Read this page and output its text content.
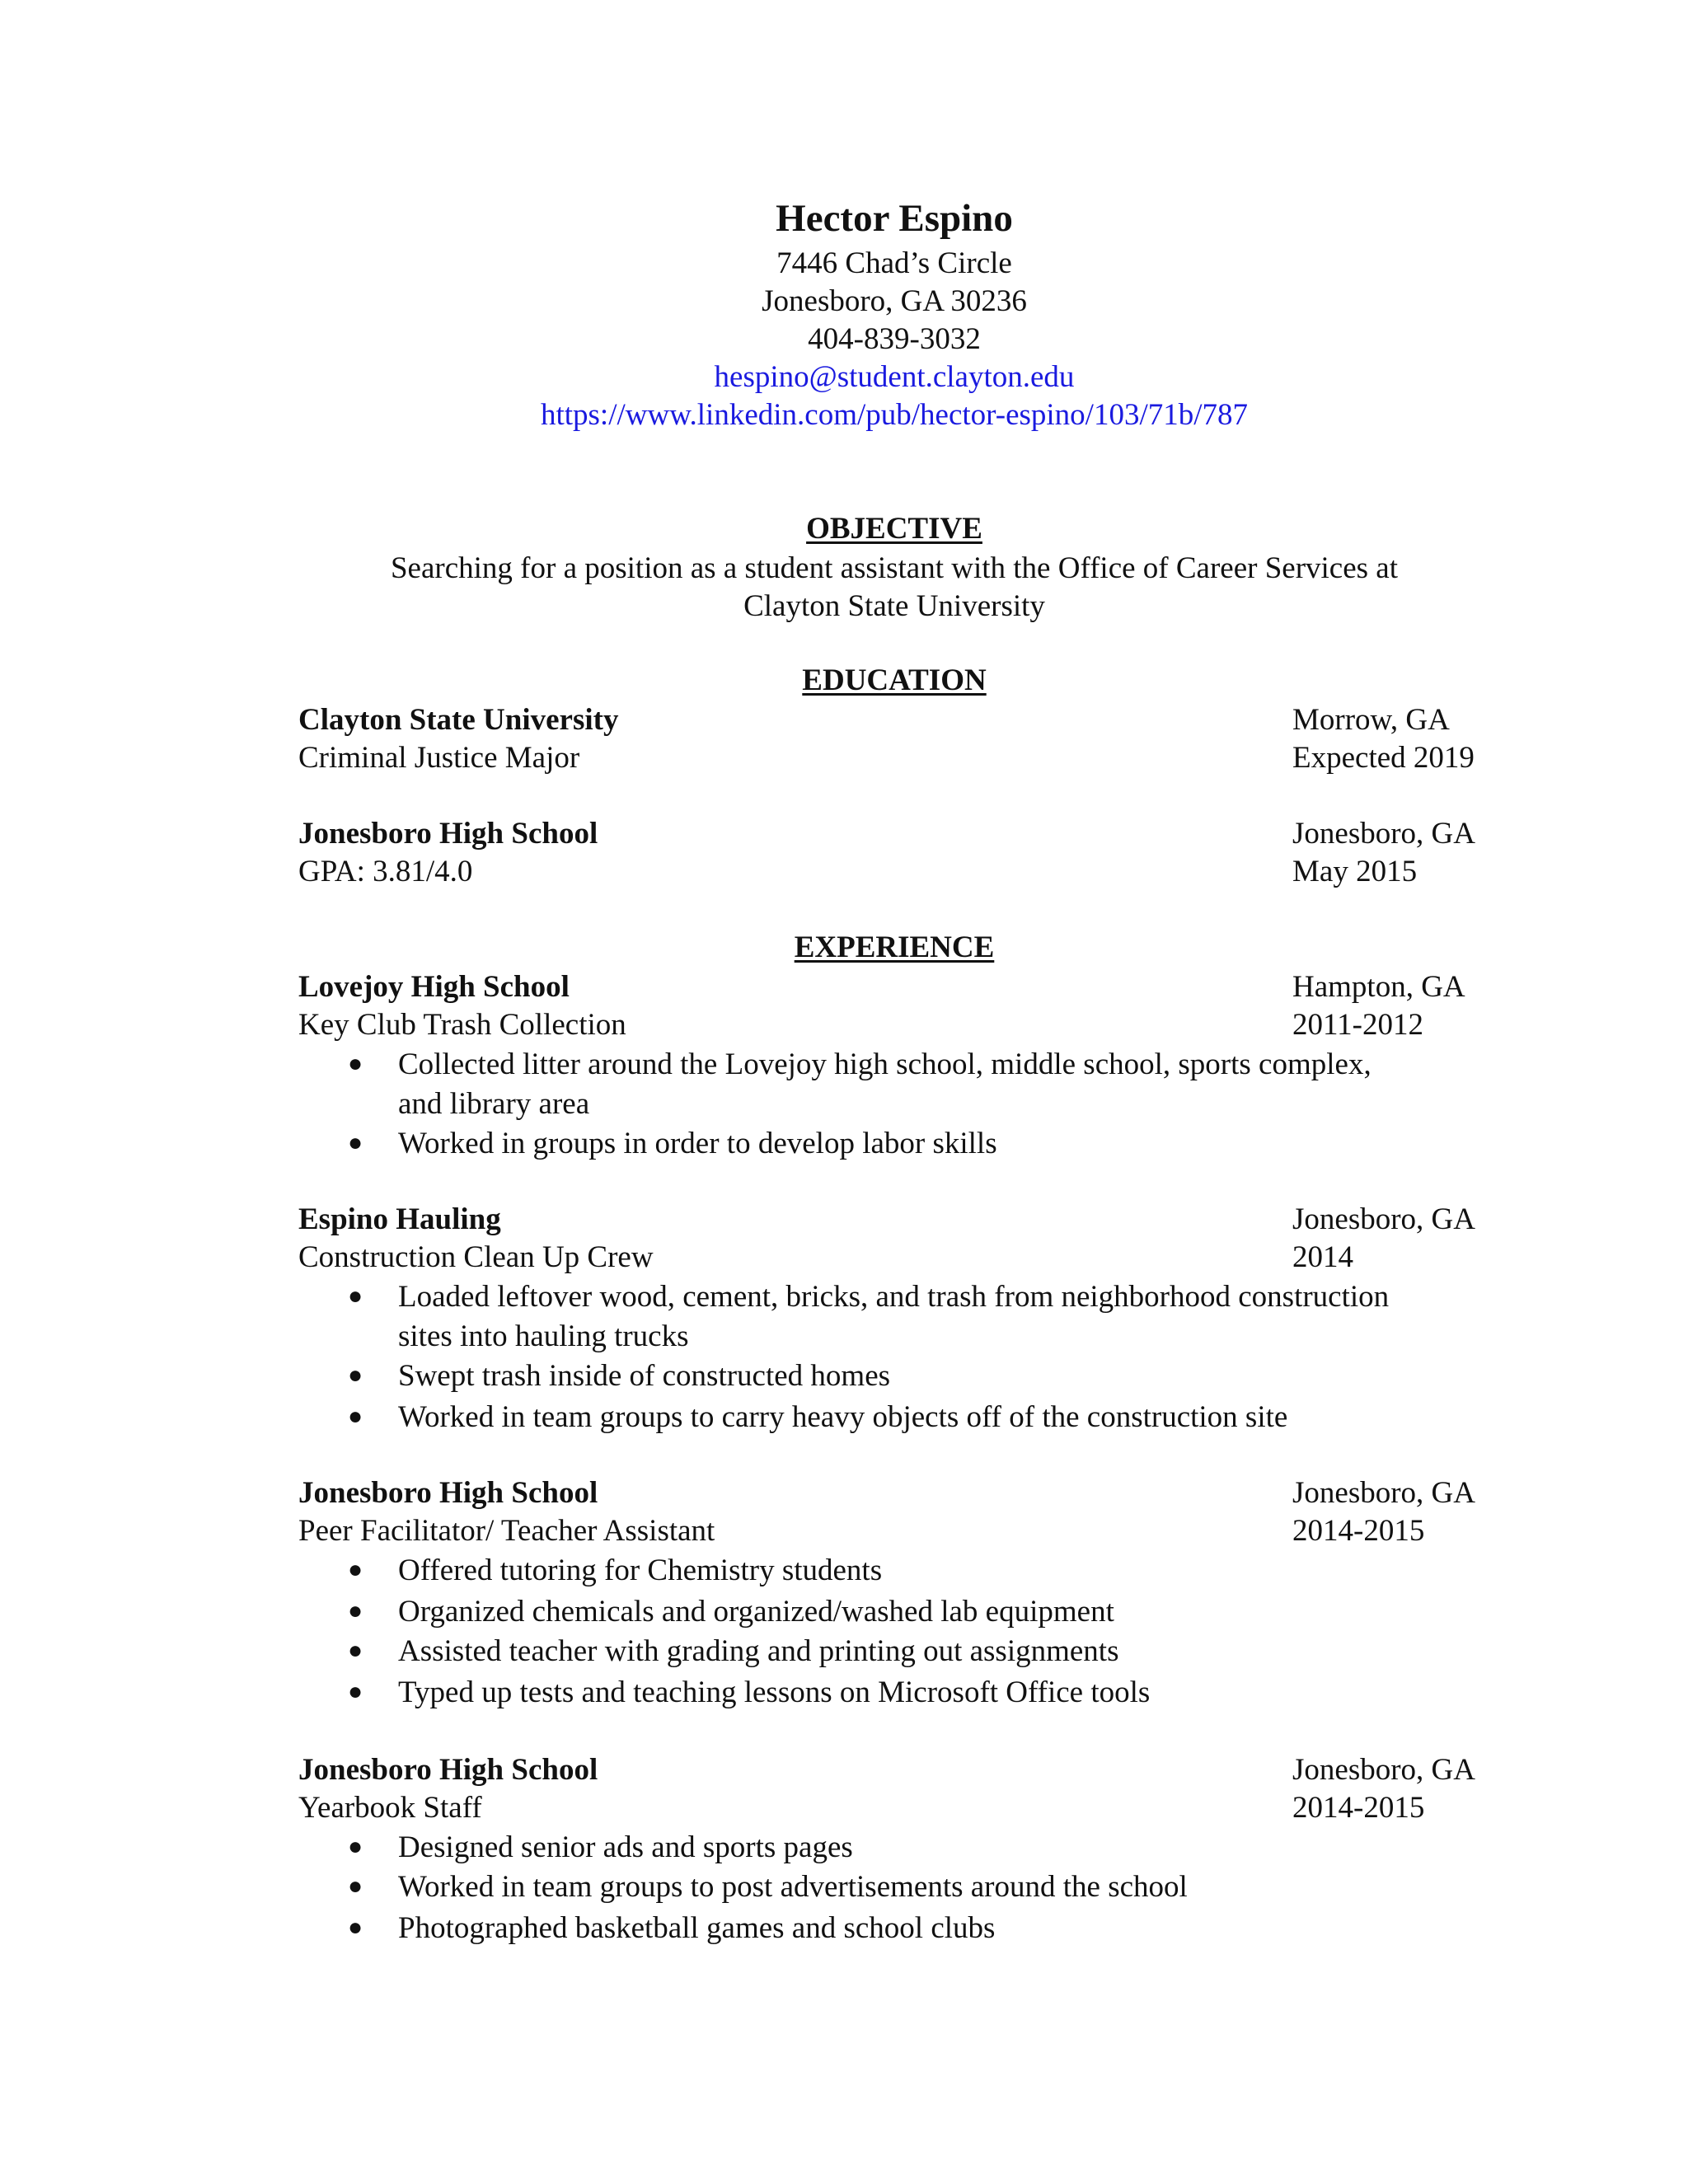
Hector Espino
7446 Chad’s Circle
Jonesboro, GA 30236
404-839-3032
hespino@student.clayton.edu
https://www.linkedin.com/pub/hector-espino/103/71b/787
OBJECTIVE
Searching for a position as a student assistant with the Office of Career Services at
Clayton State University
EDUCATION
Clayton State University	Morrow, GA
Criminal Justice Major	Expected 2019
Jonesboro High School	Jonesboro, GA
GPA: 3.81/4.0	May 2015
EXPERIENCE
Lovejoy High School	Hampton, GA
Key Club Trash Collection	2011-2012
● Collected litter around the Lovejoy high school, middle school, sports complex,
and library area
● Worked in groups in order to develop labor skills
Espino Hauling	Jonesboro, GA
Construction Clean Up Crew	2014
● Loaded leftover wood, cement, bricks, and trash from neighborhood construction
sites into hauling trucks
● Swept trash inside of constructed homes
● Worked in team groups to carry heavy objects off of the construction site
Jonesboro High School	Jonesboro, GA
Peer Facilitator/ Teacher Assistant	2014-2015
● Offered tutoring for Chemistry students
● Organized chemicals and organized/washed lab equipment
● Assisted teacher with grading and printing out assignments
● Typed up tests and teaching lessons on Microsoft Office tools
Jonesboro High School	Jonesboro, GA
Yearbook Staff	2014-2015
● Designed senior ads and sports pages
● Worked in team groups to post advertisements around the school
● Photographed basketball games and school clubs
